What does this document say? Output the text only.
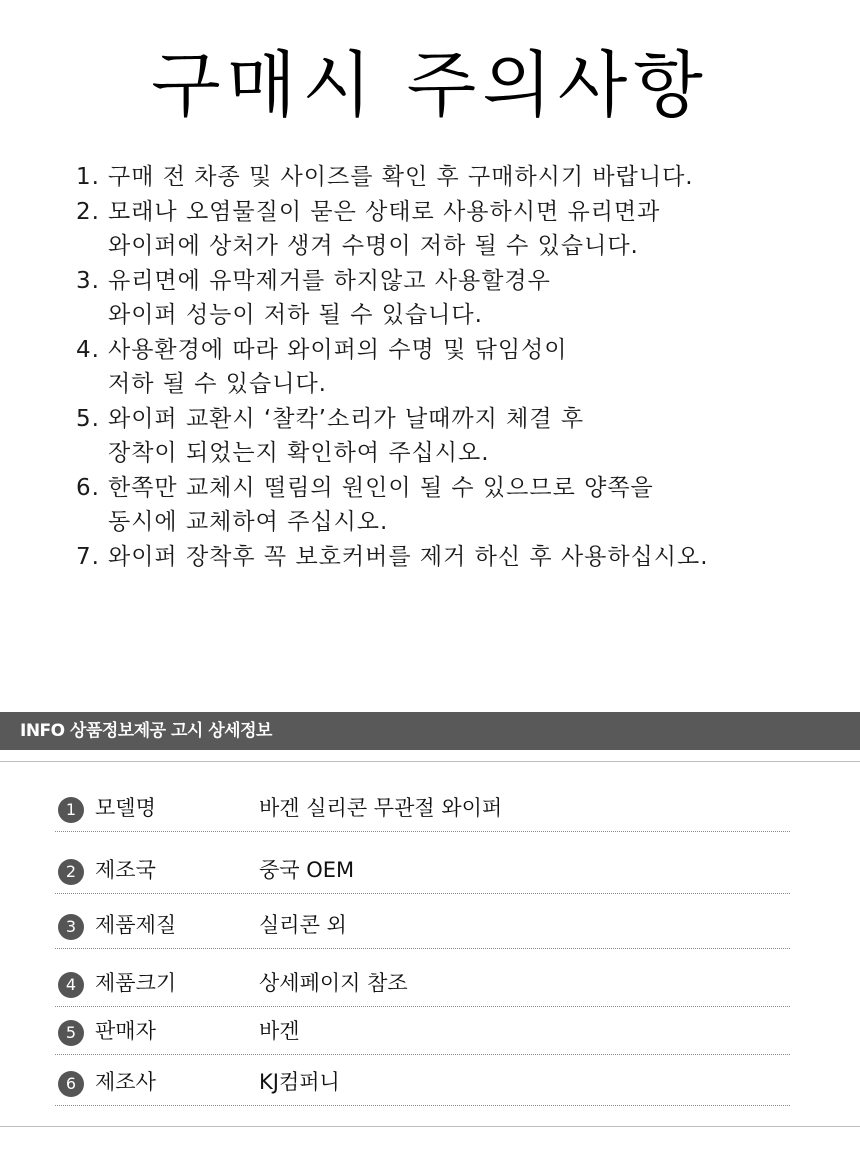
구매시 주의사항
1. 구매 전 차종 및 사이즈를 확인 후 구매하시기 바랍니다.
2. 모래나 오염물질이 묻은 상태로 사용하시면 유리면과
와이퍼에 상처가 생겨 수명이 저하 될 수 있습니다.
3. 유리면에 유막제거를 하지않고 사용할경우
와이퍼 성능이 저하 될 수 있습니다.
4. 사용환경에 따라 와이퍼의 수명 및 닦임성이
저하 될 수 있습니다.
5. 와이퍼 교환시 ‘찰칵’소리가 날때까지 체결 후
장착이 되었는지 확인하여 주십시오.
6. 한쪽만 교체시 떨림의 원인이 될 수 있으므로 양쪽을
동시에 교체하여 주십시오.
7. 와이퍼 장착후 꼭 보호커버를 제거 하신 후 사용하십시오.
INFO 상품정보제공 고시 상세정보
1 모델명	바겐 실리콘 무관절 와이퍼
2 제조국	중국 OEM
3 제품제질	실리콘 외
4 제품크기	상세페이지 참조
5 판매자	바겐
6 제조사	KJ컴퍼니
